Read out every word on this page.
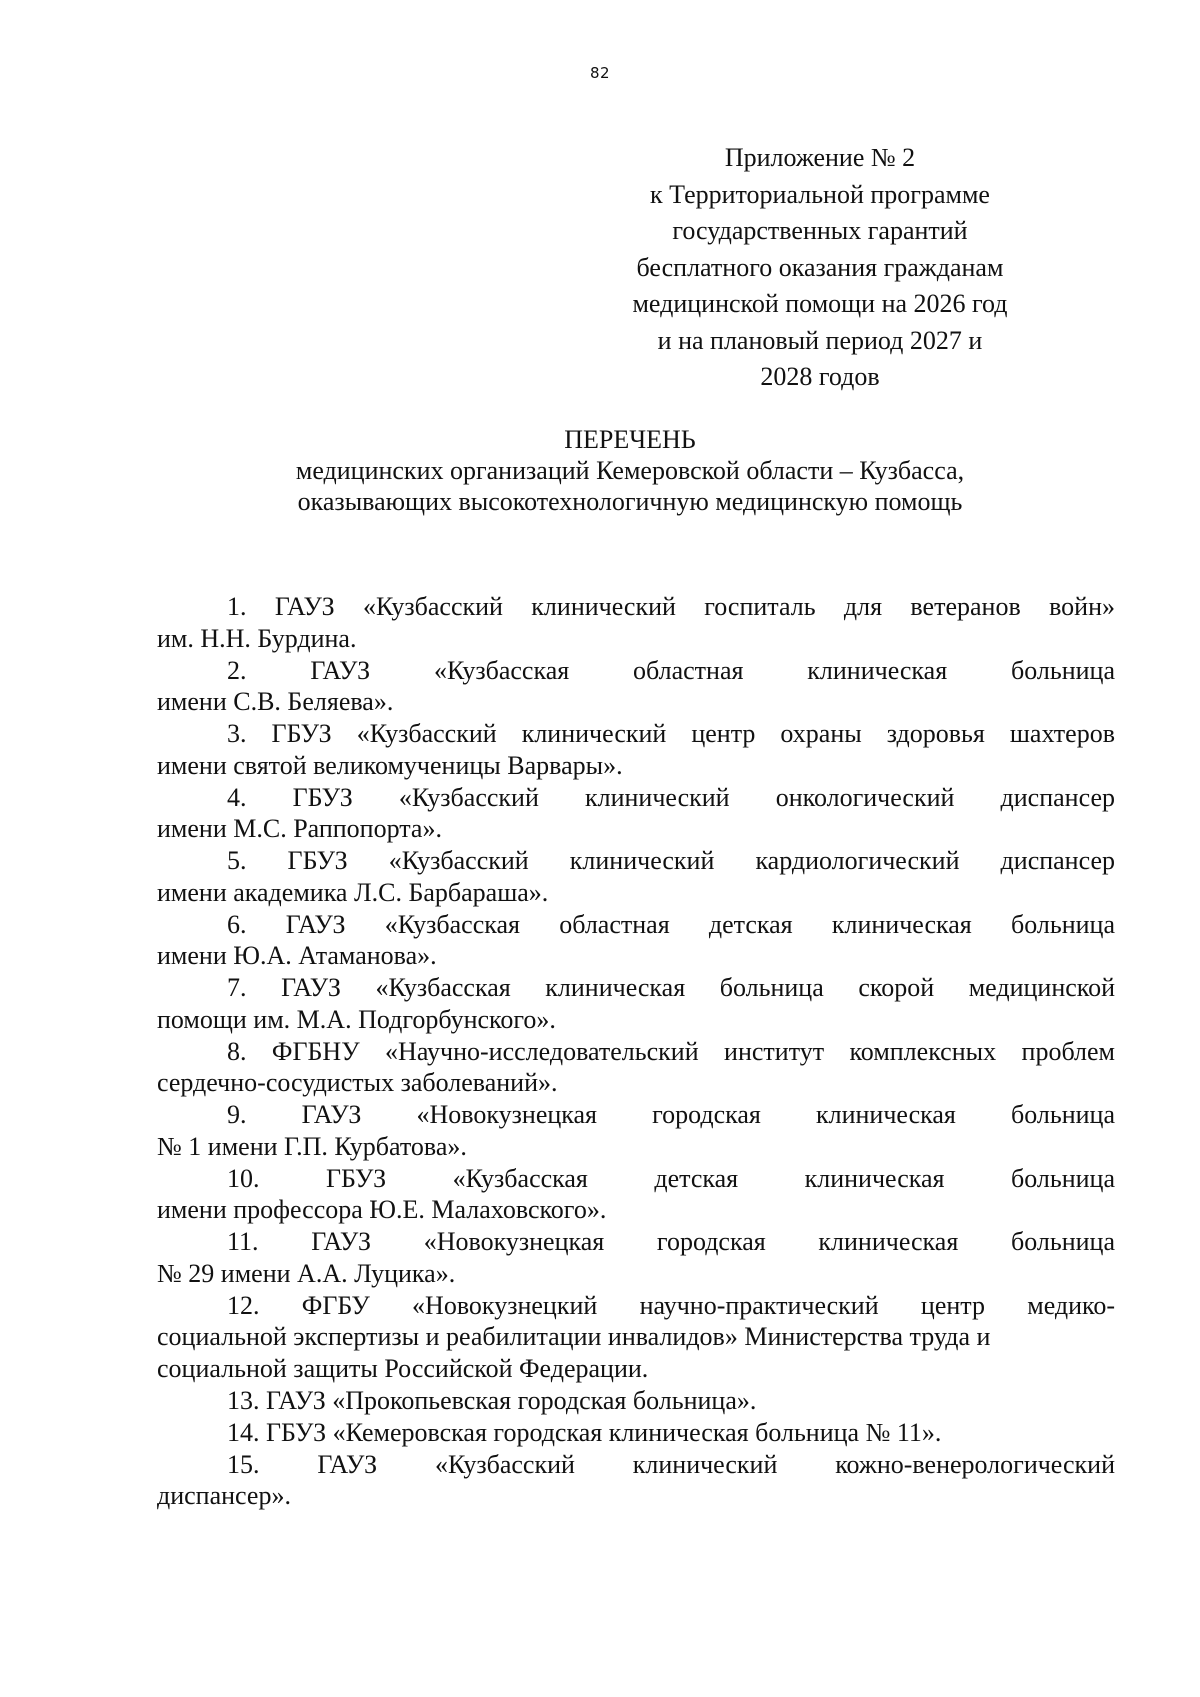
82
Приложение № 2
к Территориальной программе
государственных гарантий
бесплатного оказания гражданам
медицинской помощи на 2026 год
и на плановый период 2027 и
2028 годов
ПЕРЕЧЕНЬ
медицинских организаций Кемеровской области – Кузбасса,
оказывающих высокотехнологичную медицинскую помощь
1. ГАУЗ «Кузбасский клинический госпиталь для ветеранов войн»
им. Н.Н. Бурдина.
2. ГАУЗ «Кузбасская областная клиническая больница
имени С.В. Беляева».
3. ГБУЗ «Кузбасский клинический центр охраны здоровья шахтеров
имени святой великомученицы Варвары».
4. ГБУЗ «Кузбасский клинический онкологический диспансер
имени М.С. Раппопорта».
5. ГБУЗ «Кузбасский клинический кардиологический диспансер
имени академика Л.С. Барбараша».
6. ГАУЗ «Кузбасская областная детская клиническая больница
имени Ю.А. Атаманова».
7. ГАУЗ «Кузбасская клиническая больница скорой медицинской
помощи им. М.А. Подгорбунского».
8. ФГБНУ «Научно-исследовательский институт комплексных проблем
сердечно-сосудистых заболеваний».
9. ГАУЗ «Новокузнецкая городская клиническая больница
№ 1 имени Г.П. Курбатова».
10. ГБУЗ «Кузбасская детская клиническая больница
имени профессора Ю.Е. Малаховского».
11. ГАУЗ «Новокузнецкая городская клиническая больница
№ 29 имени А.А. Луцика».
12. ФГБУ «Новокузнецкий научно-практический центр медико-
социальной экспертизы и реабилитации инвалидов» Министерства труда и социальной защиты Российской Федерации.
13. ГАУЗ «Прокопьевская городская больница».
14. ГБУЗ «Кемеровская городская клиническая больница № 11».
15. ГАУЗ «Кузбасский клинический кожно-венерологический
диспансер».
